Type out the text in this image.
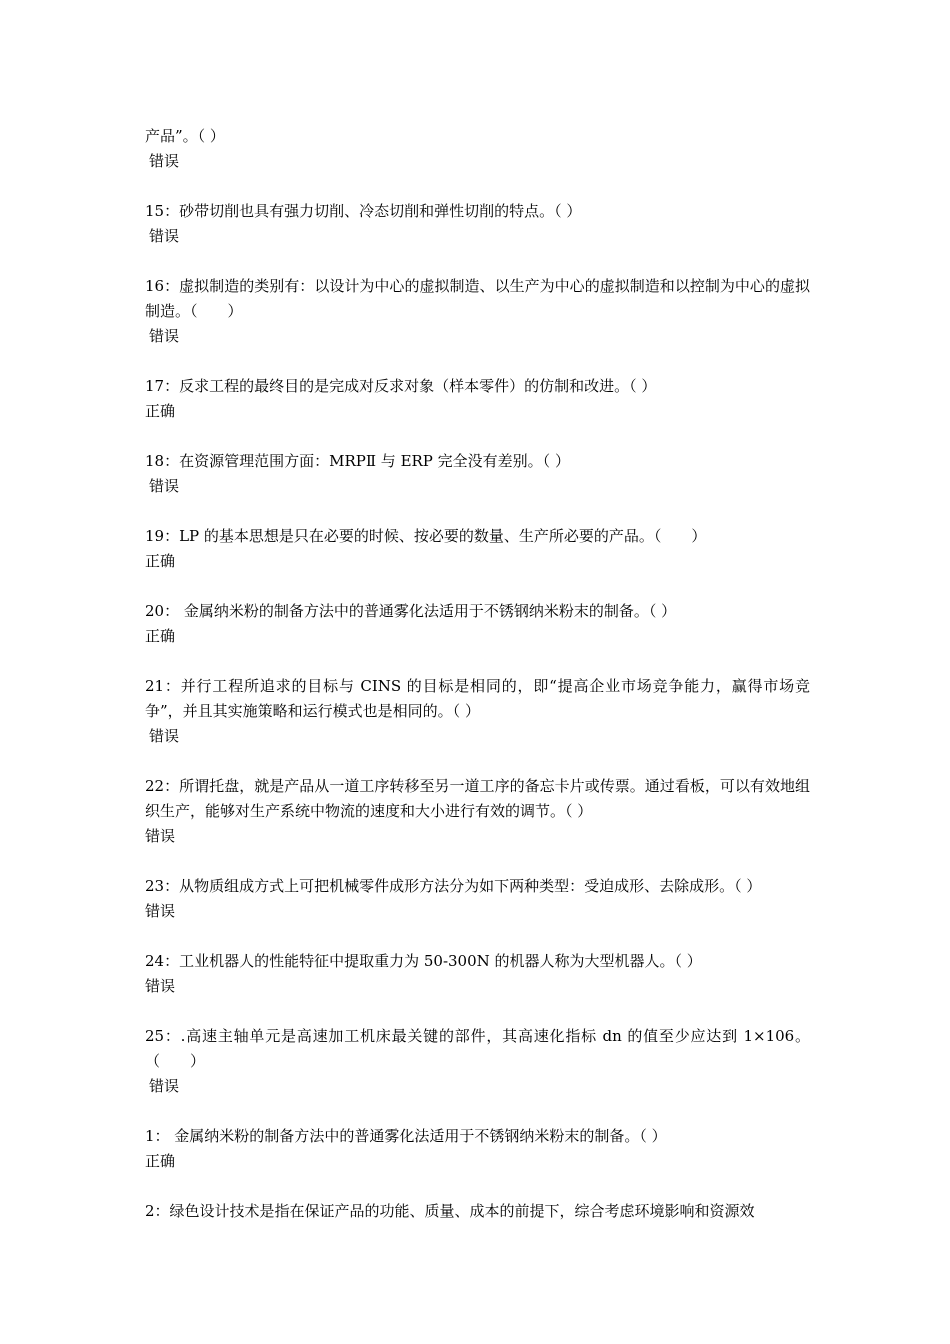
产品”。（ ）
错误
15：砂带切削也具有强力切削、冷态切削和弹性切削的特点。（ ）
错误
16：虚拟制造的类别有：以设计为中心的虚拟制造、以生产为中心的虚拟制造和以控制为中心的虚拟制造。（　　）
错误
17：反求工程的最终目的是完成对反求对象（样本零件）的仿制和改进。（ ）
正确
18：在资源管理范围方面：MRPⅡ 与 ERP 完全没有差别。（ ）
错误
19：LP 的基本思想是只在必要的时候、按必要的数量、生产所必要的产品。（　　）
正确
20： 金属纳米粉的制备方法中的普通雾化法适用于不锈钢纳米粉末的制备。（ ）
正确
21：并行工程所追求的目标与 CINS 的目标是相同的，即“提高企业市场竞争能力，赢得市场竞争”，并且其实施策略和运行模式也是相同的。（ ）
错误
22：所谓托盘，就是产品从一道工序转移至另一道工序的备忘卡片或传票。通过看板，可以有效地组织生产，能够对生产系统中物流的速度和大小进行有效的调节。（ ）
错误
23：从物质组成方式上可把机械零件成形方法分为如下两种类型：受迫成形、去除成形。（ ）
错误
24：工业机器人的性能特征中提取重力为 50-300N 的机器人称为大型机器人。（ ）
错误
25：.高速主轴单元是高速加工机床最关键的部件，其高速化指标 dn 的值至少应达到 1×106。（　　）
错误
1： 金属纳米粉的制备方法中的普通雾化法适用于不锈钢纳米粉末的制备。（ ）
正确
2：绿色设计技术是指在保证产品的功能、质量、成本的前提下，综合考虑环境影响和资源效
